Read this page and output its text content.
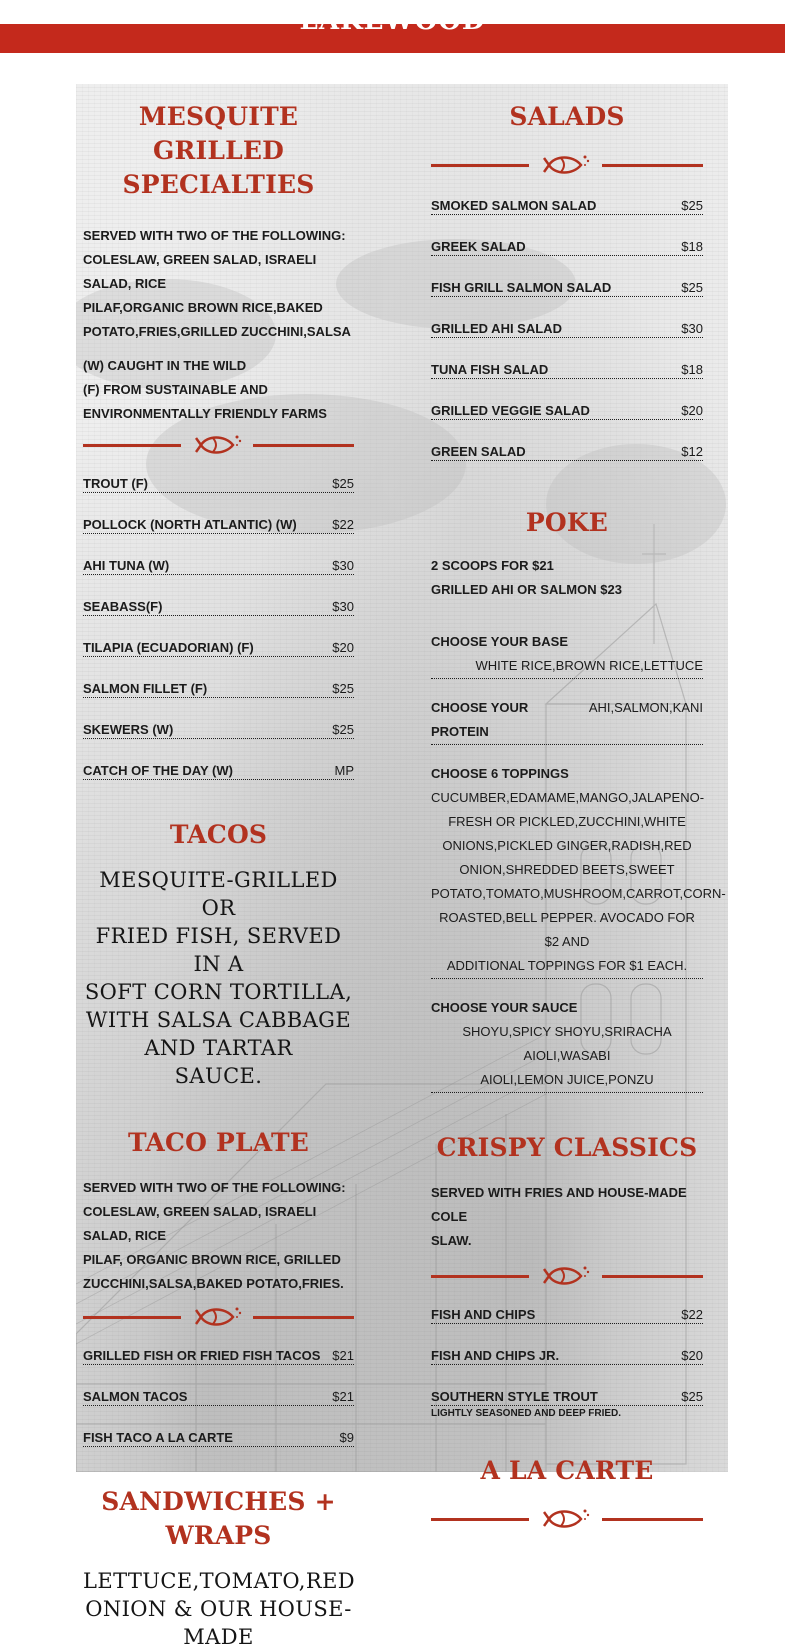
MESQUITE GRILLED
SPECIALTIES

SERVED WITH TWO OF THE FOLLOWING:
COLESLAW, GREEN SALAD, ISRAELI SALAD, RICE
PILAF,ORGANIC BROWN RICE,BAKED
POTATO,FRIES,GRILLED ZUCCHINI,SALSA

(W) CAUGHT IN THE WILD
(F) FROM SUSTAINABLE AND
ENVIRONMENTALLY FRIENDLY FARMS

TROUT (F)	$25
POLLOCK (NORTH ATLANTIC) (W)	$22
AHI TUNA (W)	$30
SEABASS(F)	$30
TILAPIA (ECUADORIAN) (F)	$20
SALMON FILLET (F)	$25
SKEWERS (W)	$25
CATCH OF THE DAY (W)	MP
TACOS

MESQUITE-GRILLED OR
FRIED FISH, SERVED IN A
SOFT CORN TORTILLA,
WITH SALSA CABBAGE
AND TARTAR
SAUCE.

TACO PLATE

SERVED WITH TWO OF THE FOLLOWING:
COLESLAW, GREEN SALAD, ISRAELI SALAD, RICE
PILAF, ORGANIC BROWN RICE, GRILLED
ZUCCHINI,SALSA,BAKED POTATO,FRIES.

GRILLED FISH OR FRIED FISH TACOS $21
SALMON TACOS	$21
FISH TACO A LA CARTE	$9
SANDWICHES + WRAPS

LETTUCE,TOMATO,RED
ONION & OUR HOUSE-MADE

SALADS
SMOKED SALMON SALAD	$25
GREEK SALAD	$18
FISH GRILL SALMON SALAD	$25
GRILLED AHI SALAD	$30
TUNA FISH SALAD	$18
GRILLED VEGGIE SALAD	$20
GREEN SALAD	$12
POKE

2 SCOOPS FOR $21
GRILLED AHI OR SALMON $23

CHOOSE YOUR BASE
WHITE RICE,BROWN RICE,LETTUCE
CHOOSE YOUR PROTEIN
AHI,SALMON,KANI
CHOOSE 6 TOPPINGS
CUCUMBER,EDAMAME,MANGO,JALAPENO-
FRESH OR PICKLED,ZUCCHINI,WHITE
ONIONS,PICKLED GINGER,RADISH,RED
ONION,SHREDDED BEETS,SWEET
POTATO,TOMATO,MUSHROOM,CARROT,CORN-
ROASTED,BELL PEPPER. AVOCADO FOR $2 AND
ADDITIONAL TOPPINGS FOR $1 EACH.
CHOOSE YOUR SAUCE
SHOYU,SPICY SHOYU,SRIRACHA AIOLI,WASABI
AIOLI,LEMON JUICE,PONZU
CRISPY CLASSICS

SERVED WITH FRIES AND HOUSE-MADE COLE
SLAW.

FISH AND CHIPS	$22
FISH AND CHIPS JR.	$20
SOUTHERN STYLE TROUT	$25
LIGHTLY SEASONED AND DEEP FRIED.
A LA CARTE
